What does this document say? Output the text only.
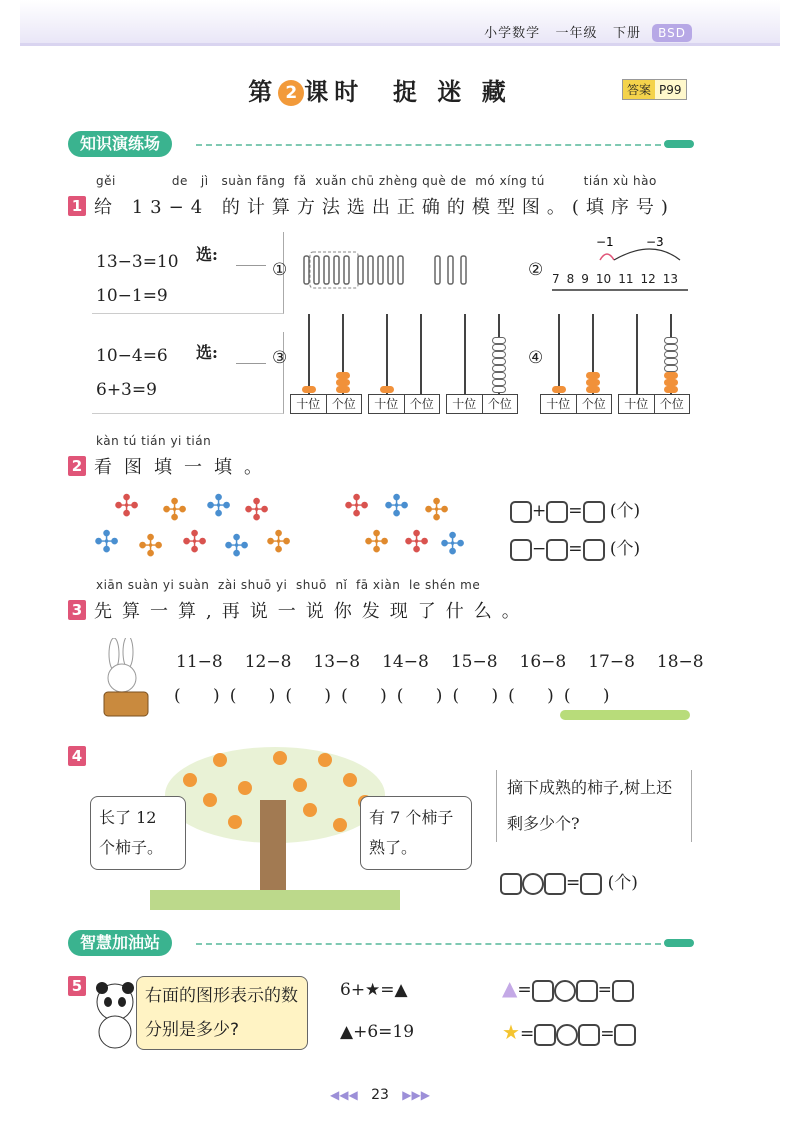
小学数学 一年级 下册 BSD
第 2 课时 捉 迷 藏	答案 P99
知识演练场
gěi             de   jì   suàn fāng  fǎ  xuǎn chū zhèng què de  mó xíng tú         tián xù hào
1 给 13−4 的计算方法选出正确的模型图。(填序号)
13−3=10
10−1=9
选:
10−4=6
6+3=9
选:
①	②
−1	−3
7 8 9 10 11 12 13
③
十位 个位	十位 个位	十位 个位
④
十位 个位	十位 个位
kàn tú tián yi tián
2 看图填一填。
✣ ✣ ✣ ✣
✣ ✣ ✣ ✣ ✣
✣ ✣ ✣
✣ ✣ ✣
+ = (个)
− = (个)
xiān suàn yi suàn  zài shuō yi  shuō  nǐ  fā xiàn  le shén me
3 先算一算,再说一说你发现了什么。
11−8 12−8 13−8 14−8 15−8 16−8 17−8 18−8
(      ) (      ) (      ) (      ) (      ) (      ) (      ) (      )
4
长了 12 个柿子。
有 7 个柿子熟了。
摘下成熟的柿子,树上还剩多少个?
= (个)
智慧加油站
5	右面的图形表示的数分别是多少?
6+★=▲
▲+6=19
▲=	=
★=	=
◀◀◀ 23 ▶▶▶
